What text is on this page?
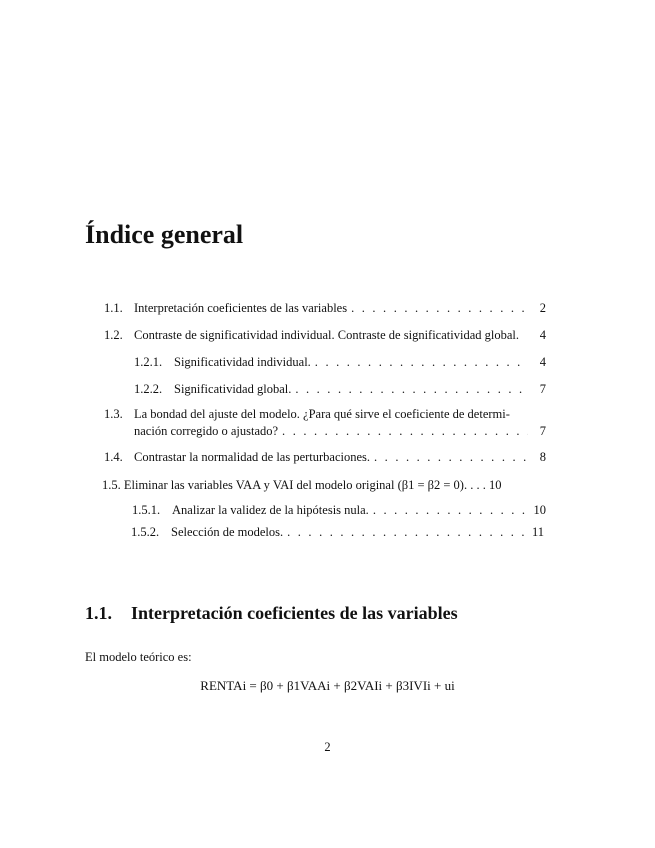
Índice general
1.1. Interpretación coeficientes de las variables . . .	2
1.2. Contraste de significatividad individual. Contraste de significatividad global.	4
1.2.1. Significatividad individual. . . .	4
1.2.2. Significatividad global. . . .	7
1.3. La bondad del ajuste del modelo. ¿Para qué sirve el coeficiente de determi-
nación corregido o ajustado? . . .	7
1.4. Contrastar la normalidad de las perturbaciones. . . .	8
1.5. Eliminar las variables VAA y VAI del modelo original (β1 = β2 = 0). . . . 10
1.5.1. Analizar la validez de la hipótesis nula. . . .	10
1.5.2. Selección de modelos. . . .	11
1.1. Interpretación coeficientes de las variables

El modelo teórico es:

RENTAi = β0 + β1VAAi + β2VAIi + β3IVIi + ui
2
